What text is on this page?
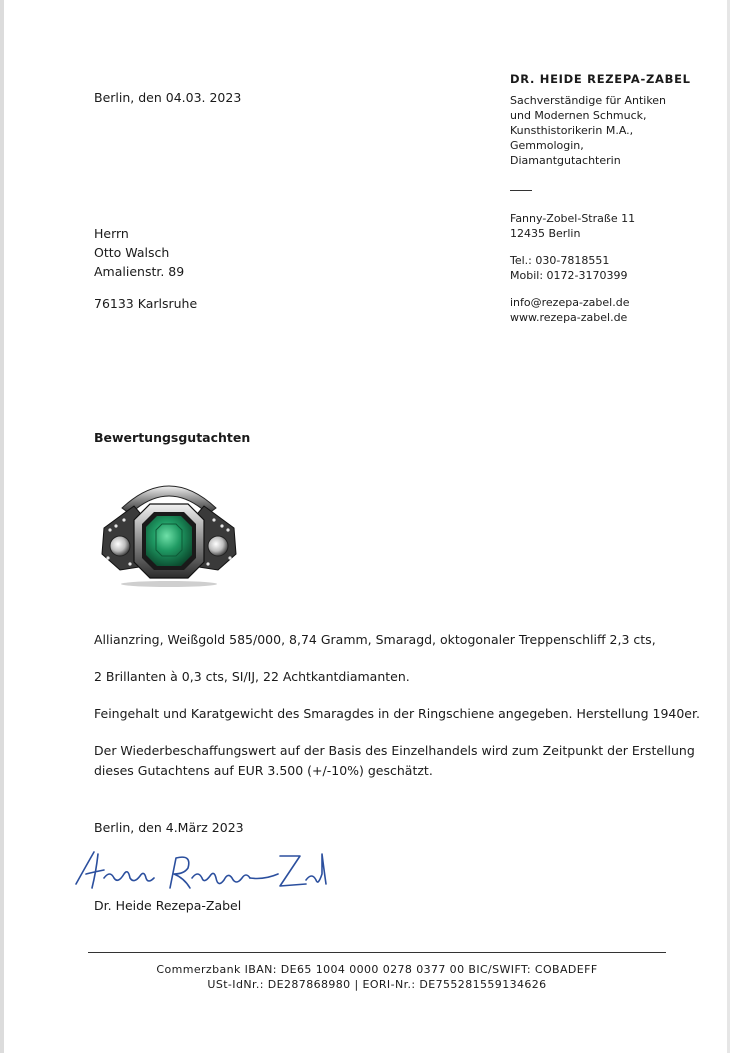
Berlin, den 04.03. 2023
DR. HEIDE REZEPA-ZABEL
Sachverständige für Antiken
und Modernen Schmuck,
Kunsthistorikerin M.A.,
Gemmologin,
Diamantgutachterin
Fanny-Zobel-Straße 11
12435 Berlin
Tel.: 030-7818551
Mobil: 0172-3170399
info@rezepa-zabel.de
www.rezepa-zabel.de
Herrn
Otto Walsch
Amalienstr. 89
76133 Karlsruhe
Bewertungsgutachten
Allianzring, Weißgold 585/000, 8,74 Gramm, Smaragd, oktogonaler Treppenschliff 2,3 cts,
2 Brillanten à 0,3 cts, SI/IJ, 22 Achtkantdiamanten.
Feingehalt und Karatgewicht des Smaragdes in der Ringschiene angegeben. Herstellung 1940er.
Der Wiederbeschaffungswert auf der Basis des Einzelhandels wird zum Zeitpunkt der Erstellung
dieses Gutachtens auf EUR 3.500 (+/-10%) geschätzt.
Berlin, den 4.März 2023
Dr. Heide Rezepa-Zabel
Commerzbank IBAN: DE65 1004 0000 0278 0377 00 BIC/SWIFT: COBADEFF
USt-IdNr.: DE287868980 | EORI-Nr.: DE755281559134626
